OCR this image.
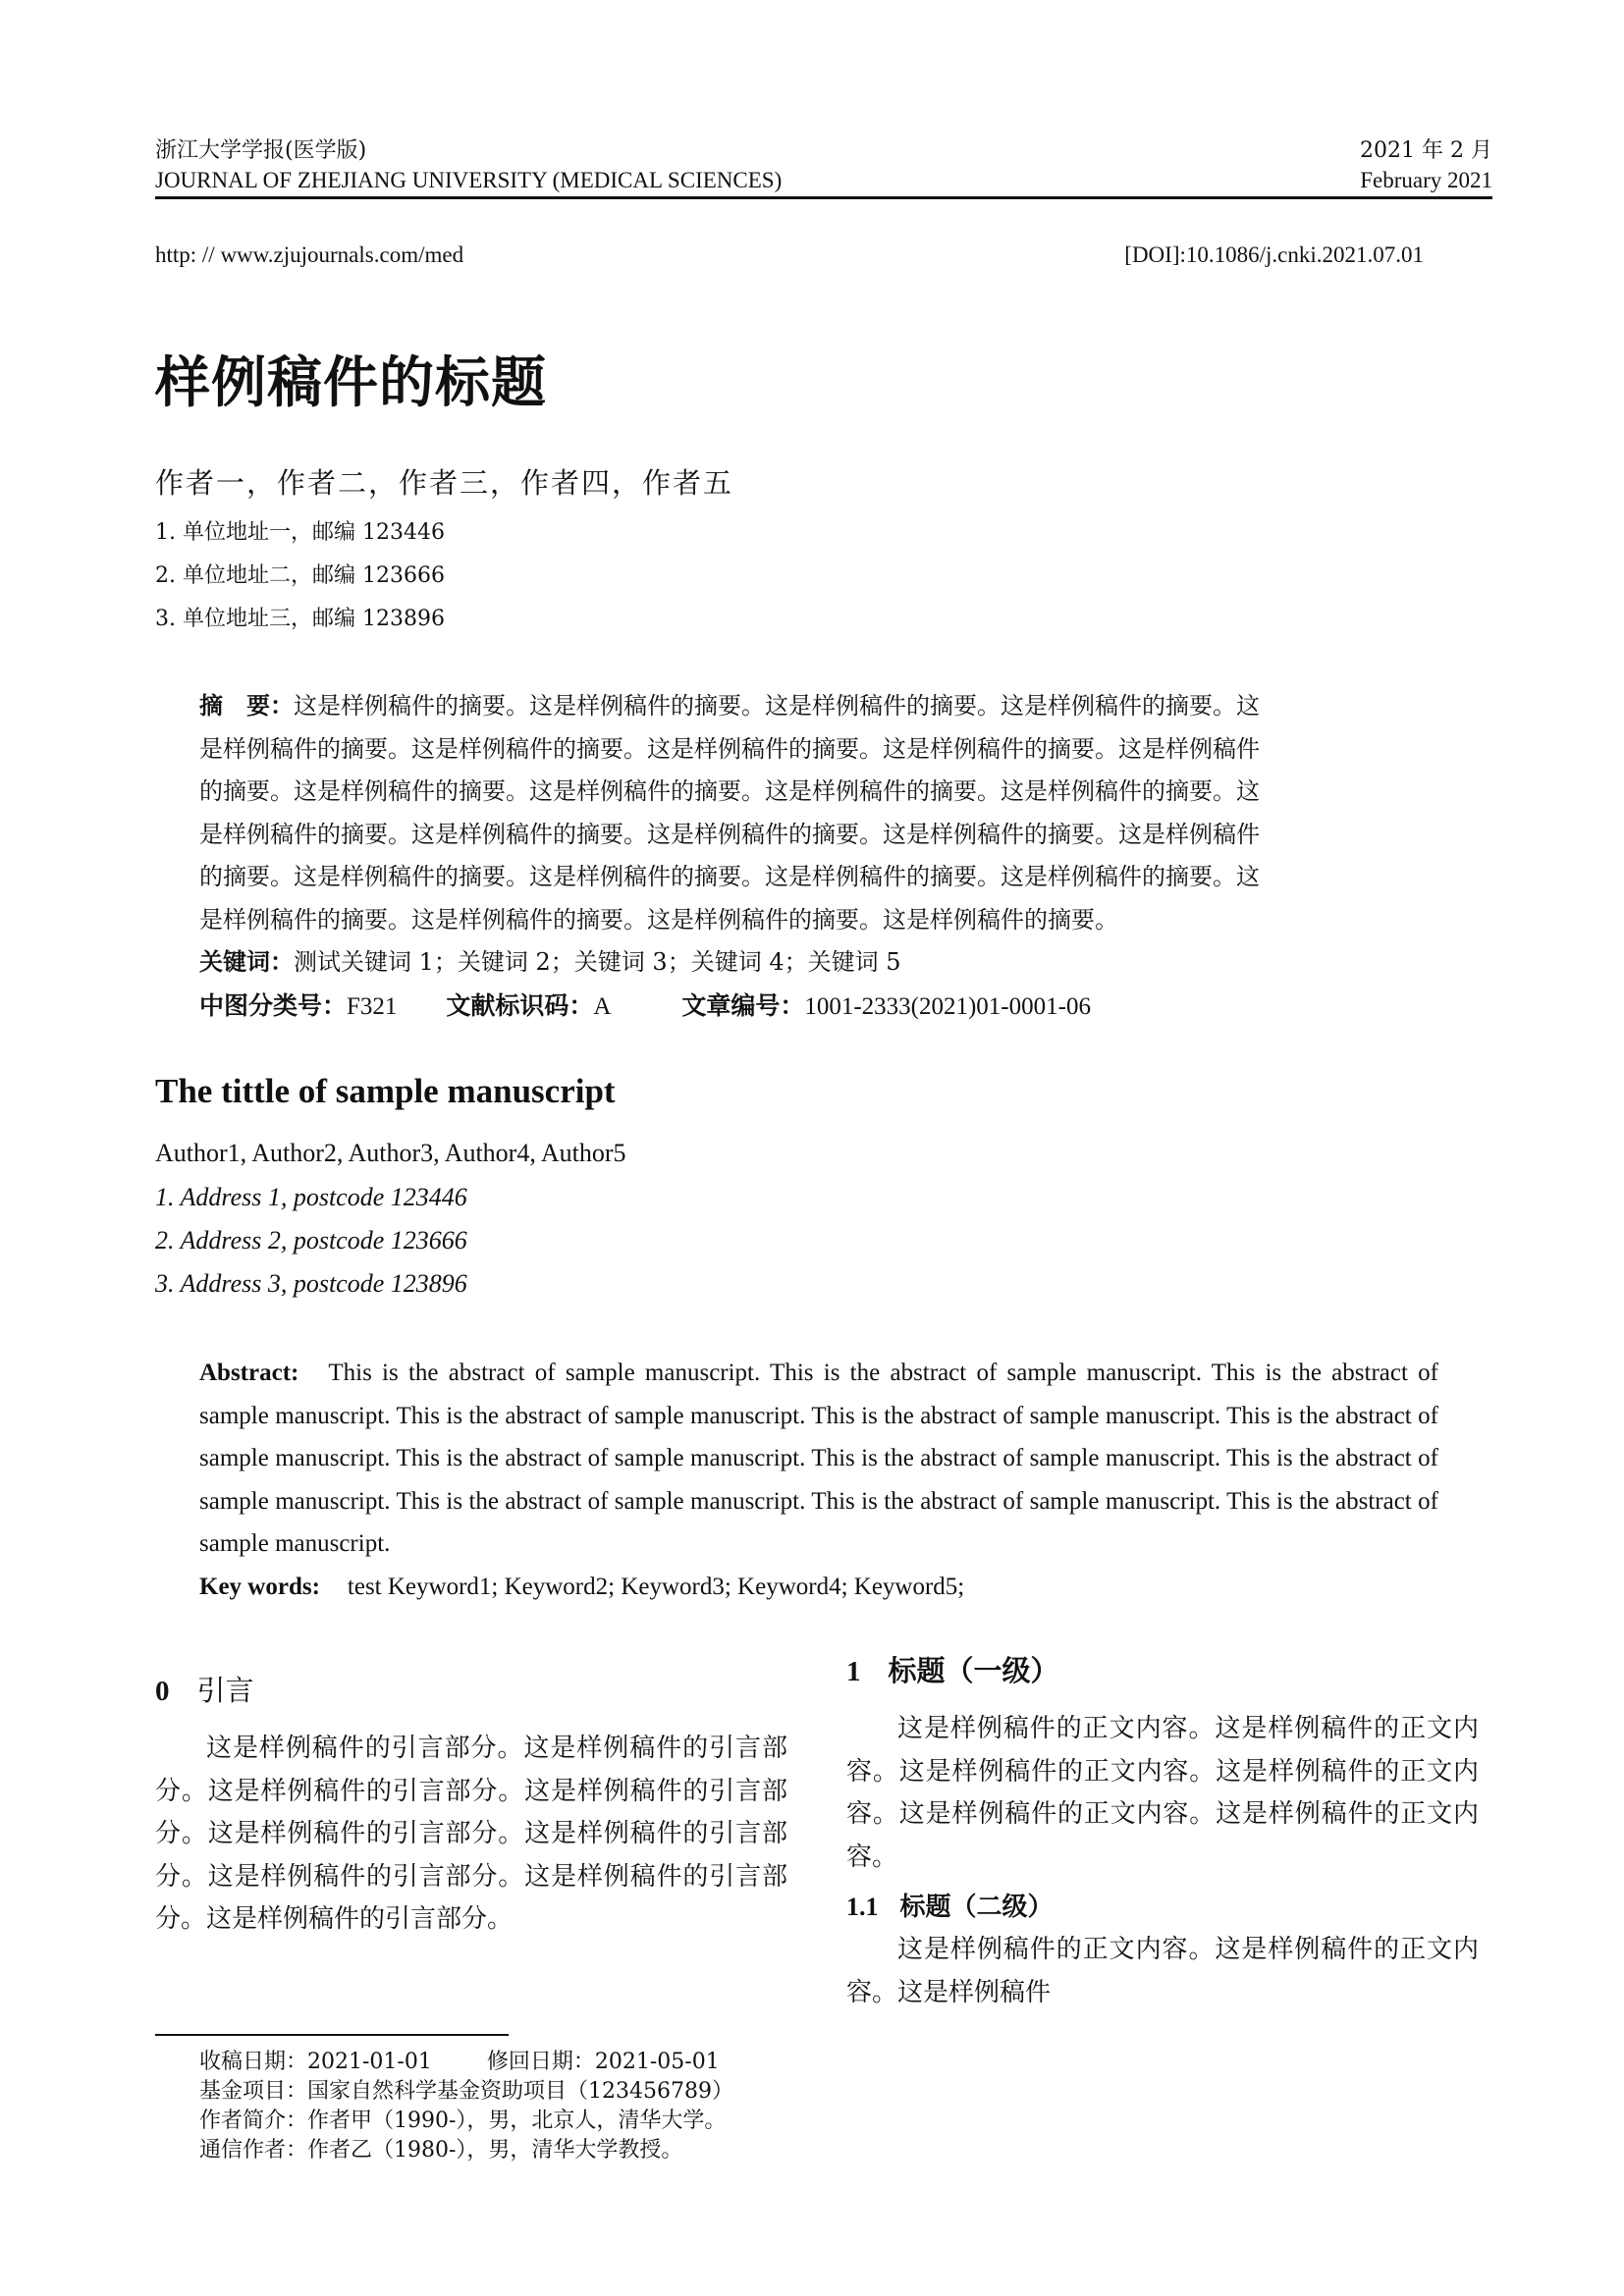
浙江大学学报(医学版)
JOURNAL OF ZHEJIANG UNIVERSITY (MEDICAL SCIENCES)
2021 年 2 月
February 2021
http: // www.zjujournals.com/med	[DOI]:10.1086/j.cnki.2021.07.01
样例稿件的标题
作者一，作者二，作者三，作者四，作者五
1. 单位地址一，邮编 123446
2. 单位地址二，邮编 123666
3. 单位地址三，邮编 123896
摘　要：这是样例稿件的摘要。这是样例稿件的摘要。这是样例稿件的摘要。这是样例稿件的摘要。这
是样例稿件的摘要。这是样例稿件的摘要。这是样例稿件的摘要。这是样例稿件的摘要。这是样例稿件
的摘要。这是样例稿件的摘要。这是样例稿件的摘要。这是样例稿件的摘要。这是样例稿件的摘要。这
是样例稿件的摘要。这是样例稿件的摘要。这是样例稿件的摘要。这是样例稿件的摘要。这是样例稿件
的摘要。这是样例稿件的摘要。这是样例稿件的摘要。这是样例稿件的摘要。这是样例稿件的摘要。这
是样例稿件的摘要。这是样例稿件的摘要。这是样例稿件的摘要。这是样例稿件的摘要。
关键词：测试关键词 1；关键词 2；关键词 3；关键词 4；关键词 5
中图分类号：F321 文献标识码：A	文章编号：1001-2333(2021)01-0001-06
The tittle of sample manuscript
Author1, Author2, Author3, Author4, Author5
1. Address 1, postcode 123446
2. Address 2, postcode 123666
3. Address 3, postcode 123896
Abstract: This is the abstract of sample manuscript. This is the abstract of sample manuscript. This is the abstract of sample manuscript. This is the abstract of sample manuscript. This is the abstract of sample manuscript. This is the abstract of sample manuscript. This is the abstract of sample manuscript. This is the abstract of sample manuscript. This is the abstract of sample manuscript. This is the abstract of sample manuscript. This is the abstract of sample manuscript. This is the abstract of sample manuscript.
Key words: test Keyword1; Keyword2; Keyword3; Keyword4; Keyword5;
0 引言
这是样例稿件的引言部分。这是样例稿件的引言部分。这是样例稿件的引言部分。这是样例稿件的引言部分。这是样例稿件的引言部分。这是样例稿件的引言部分。这是样例稿件的引言部分。这是样例稿件的引言部分。这是样例稿件的引言部分。
1 标题（一级）
这是样例稿件的正文内容。这是样例稿件的正文内容。这是样例稿件的正文内容。这是样例稿件的正文内容。这是样例稿件的正文内容。这是样例稿件的正文内容。
1.1 标题（二级）
这是样例稿件的正文内容。这是样例稿件的正文内容。这是样例稿件
收稿日期：2021-01-01	修回日期：2021-05-01
基金项目：国家自然科学基金资助项目（123456789）
作者简介：作者甲（1990-），男，北京人，清华大学。
通信作者：作者乙（1980-），男，清华大学教授。
